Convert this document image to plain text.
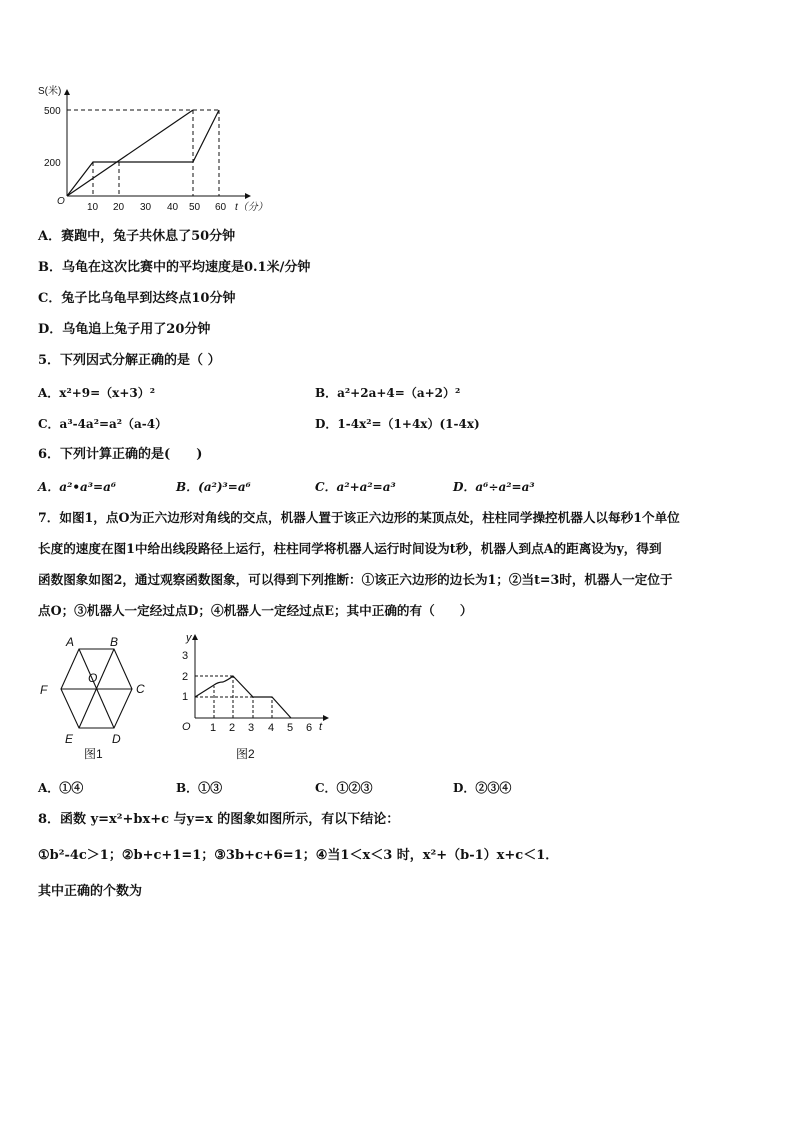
S(米)
t（分）
O
500
200
10 20 30 40 50 60
A．赛跑中，兔子共休息了50分钟
B．乌龟在这次比赛中的平均速度是0.1米/分钟
C．兔子比乌龟早到达终点10分钟
D．乌龟追上兔子用了20分钟
5．下列因式分解正确的是（ ）
A．x²+9=（x+3）²	B．a²+2a+4=（a+2）²
C．a³-4a²=a²（a-4）	D．1-4x²=（1+4x）(1-4x)
6．下列计算正确的是(　　)
A．a²•a³=a⁶	B．(a²)³=a⁶	C．a²+a²=a³	D．a⁶÷a²=a³
7．如图1，点O为正六边形对角线的交点，机器人置于该正六边形的某顶点处，柱柱同学操控机器人以每秒1个单位
长度的速度在图1中给出线段路径上运行，柱柱同学将机器人运行时间设为t秒，机器人到点A的距离设为y，得到
函数图象如图2，通过观察函数图象，可以得到下列推断：①该正六边形的边长为1；②当t=3时，机器人一定位于
点O；③机器人一定经过点D；④机器人一定经过点E；其中正确的有（　　）
A	B
C
D
E
F
O
图1
y
t
O
3
2
1
1 2 3 4 5 6
图2
A．①④	B．①③	C．①②③	D．②③④
8．函数 y=x²+bx+c 与y=x 的图象如图所示，有以下结论：
①b²-4c＞1；②b+c+1=1；③3b+c+6=1；④当1＜x＜3 时，x²+（b-1）x+c＜1．
其中正确的个数为
